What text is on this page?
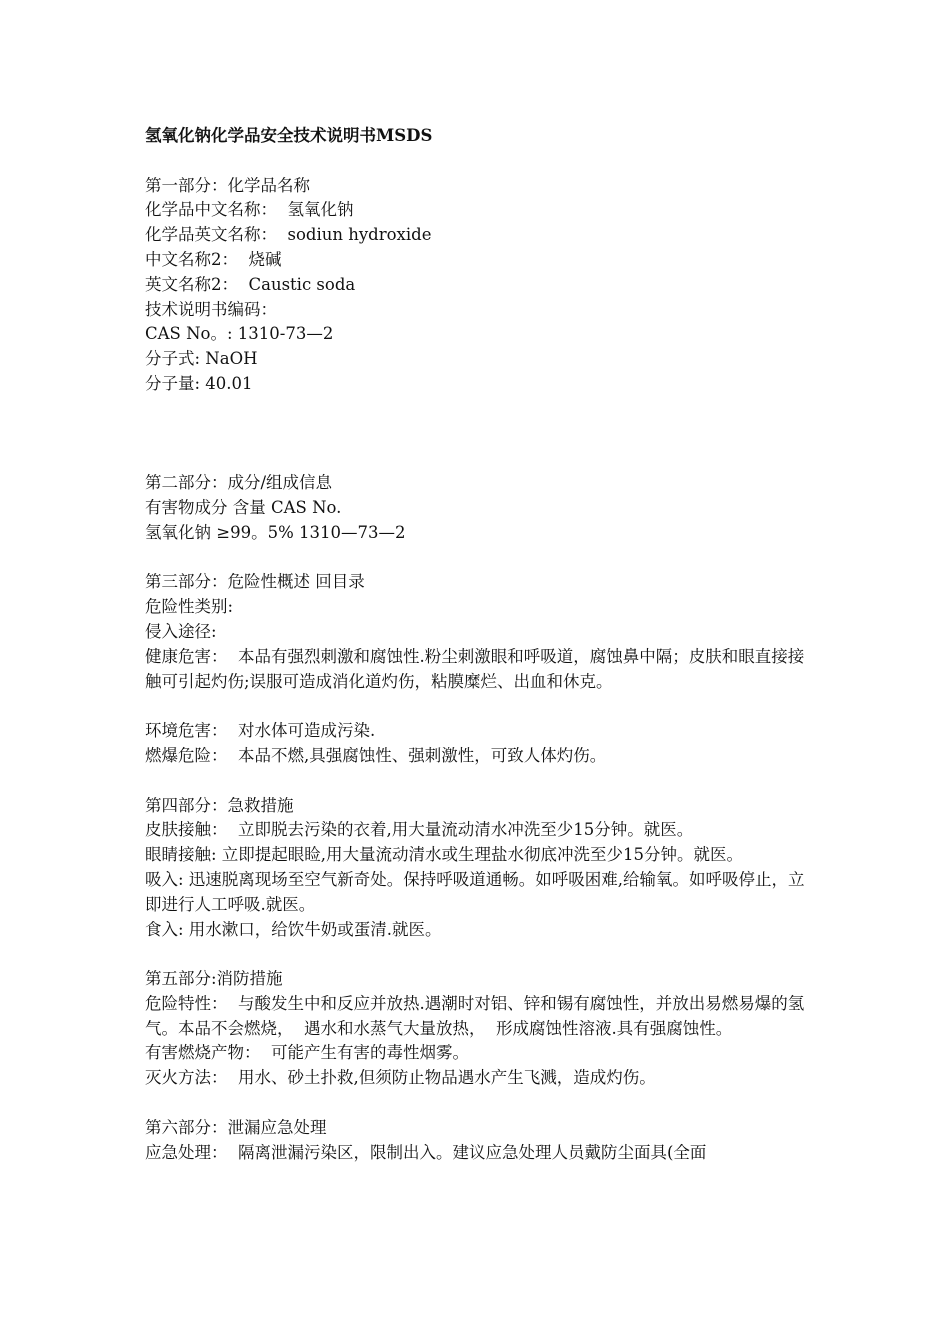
氢氧化钠化学品安全技术说明书MSDS
第一部分：化学品名称
化学品中文名称：  氢氧化钠
化学品英文名称：  sodiun hydroxide
中文名称2：  烧碱
英文名称2：  Caustic soda
技术说明书编码：
CAS No。: 1310-73—2
分子式: NaOH
分子量: 40.01
第二部分：成分/组成信息
有害物成分 含量 CAS No.
氢氧化钠 ≥99。5% 1310—73—2
第三部分：危险性概述 回目录
危险性类别:
侵入途径:
健康危害：  本品有强烈刺激和腐蚀性.粉尘刺激眼和呼吸道，腐蚀鼻中隔；皮肤和眼直接接触可引起灼伤;误服可造成消化道灼伤，粘膜糜烂、出血和休克。
环境危害：  对水体可造成污染.
燃爆危险：  本品不燃,具强腐蚀性、强刺激性，可致人体灼伤。
第四部分：急救措施
皮肤接触：  立即脱去污染的衣着,用大量流动清水冲洗至少15分钟。就医。
眼睛接触: 立即提起眼睑,用大量流动清水或生理盐水彻底冲洗至少15分钟。就医。
吸入: 迅速脱离现场至空气新奇处。保持呼吸道通畅。如呼吸困难,给输氧。如呼吸停止，立即进行人工呼吸.就医。
食入: 用水漱口，给饮牛奶或蛋清.就医。
第五部分:消防措施
危险特性：  与酸发生中和反应并放热.遇潮时对铝、锌和锡有腐蚀性，并放出易燃易爆的氢气。本品不会燃烧，  遇水和水蒸气大量放热，  形成腐蚀性溶液.具有强腐蚀性。
有害燃烧产物：  可能产生有害的毒性烟雾。
灭火方法：  用水、砂土扑救,但须防止物品遇水产生飞溅，造成灼伤。
第六部分：泄漏应急处理
应急处理：  隔离泄漏污染区，限制出入。建议应急处理人员戴防尘面具(全面
